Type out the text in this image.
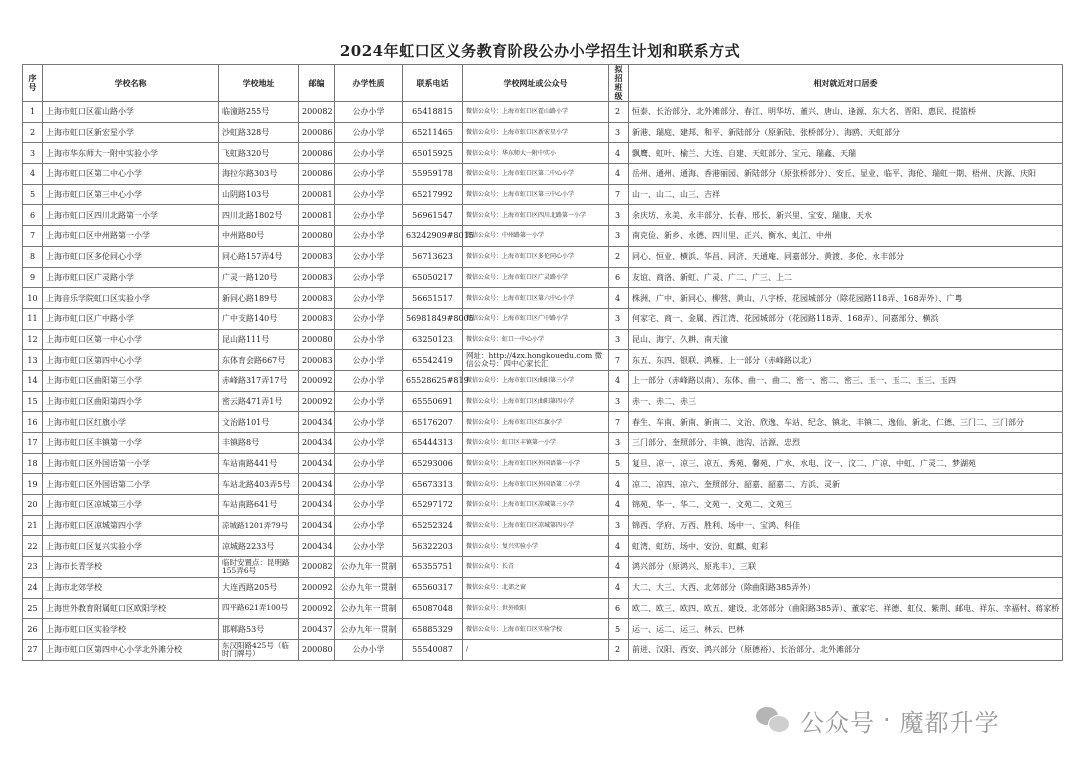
2024年虹口区义务教育阶段公办小学招生计划和联系方式
序号	学校名称	学校地址	邮编	办学性质	联系电话	学校网址或公众号	拟招班级	相对就近对口居委
1	上海市虹口区霍山路小学	临潼路255号	200082	公办小学	65418815	微信公众号：上海市虹口区霍山路小学	2	恒泰、长治部分、北外滩部分、春江、明华坊、董兴、唐山、逢源、东大名、晋阳、惠民、提篮桥
2	上海市虹口区新宏星小学	沙虹路328号	200086	公办小学	65211465	微信公众号：上海市虹口区新宏星小学	3	新港、瑞庭、建邦、和平、新陆部分（原新陆、张桥部分）、海鸥、天虹部分
3	上海市华东师大一附中实验小学	飞虹路320号	200086	公办小学	65015925	微信公众号：华东师大一附中实小	4	飘鹰、虹叶、榆兰、大连、自建、天虹部分、宝元、瑞鑫、天瑞
4	上海市虹口区第二中心小学	海拉尔路303号	200086	公办小学	55959178	微信公众号：上海市虹口区第二中心小学	4	岳州、通州、通海、香港丽园、新陆部分（原张桥部分）、安丘、显业、临平、海伦、瑞虹一期、梧州、庆源、庆阳
5	上海市虹口区第三中心小学	山阴路103号	200081	公办小学	65217992	微信公众号：上海市虹口区第三中心小学	7	山一、山二、山三、吉祥
6	上海市虹口区四川北路第一小学	四川北路1802号	200081	公办小学	56961547	微信公众号：上海市虹口区四川北路第一小学	3	余庆坊、永美、永丰部分、长春、邢长、新兴里、宝安、瑞康、天水
7	上海市虹口区中州路第一小学	中州路80号	200080	公办小学	63242909#8015	微信公众号：中州路第一小学	3	南克俭、新乡、永德、四川里、正兴、衡水、虬江、中州
8	上海市虹口区多伦同心小学	同心路157弄4号	200083	公办小学	56713623	微信公众号：上海市虹口区多伦同心小学	2	同心、恒业、横浜、华昌、同济、天通庵、同嘉部分、黄渡、多伦、永丰部分
9	上海市虹口区广灵路小学	广灵一路120号	200083	公办小学	65050217	微信公众号：上海市虹口区广灵路小学	6	友谊、商洛、新虹、广灵、广二、广三、上二
10	上海音乐学院虹口区实验小学	新同心路189号	200083	公办小学	56651517	微信公众号：上海市虹口区第六中心小学	4	株洲、广中、新同心、柳营、黄山、八字桥、花园城部分（除花园路118弄、168弄外）、广粤
11	上海市虹口区广中路小学	广中支路140号	200083	公办小学	56981849#8005	微信公众号：上海市虹口区广中路小学	3	何家宅、商一、金属、西江湾、花园城部分（花园路118弄、168弄）、同嘉部分、横浜
12	上海市虹口区第一中心小学	昆山路111号	200080	公办小学	63250123	微信公众号：虹口一中心小学	3	昆山、海宁、久耕、南天潼
13	上海市虹口区第四中心小学	东体育会路667号	200083	公办小学	65542419	网址：http://4zx.hongkouedu.com 微信公众号：四中心家长汇	7	东五、东四、银联、鸿雁、上一部分（赤峰路以北）
14	上海市虹口区曲阳第三小学	赤峰路317弄17号	200092	公办小学	65528625#819	微信公众号：上海市虹口区曲阳第三小学	4	上一部分（赤峰路以南）、东体、曲一、曲二、密一、密二、密三、玉一、玉二、玉三、玉四
15	上海市虹口区曲阳第四小学	密云路471弄1号	200092	公办小学	65550691	微信公众号：上海市虹口区曲阳第四小学	3	赤一、赤二、赤三
16	上海市虹口区红旗小学	文治路101号	200434	公办小学	65176207	微信公众号：上海市虹口区红旗小学	7	春生、车南、新南、新南二、文治、欣逸、车站、纪念、镇北、丰镇二、逸仙、新北、仁德、三门二、三门部分
17	上海市虹口区丰镇第一小学	丰镇路8号	200434	公办小学	65444313	微信公众号：虹口区丰镇第一小学	3	三门部分、奎照部分、丰镇、池沟、沽源、忠烈
18	上海市虹口区外国语第一小学	车站南路441号	200434	公办小学	65293006	微信公众号：上海市虹口区外国语第一小学	5	复旦、凉一、凉三、凉五、秀苑、馨苑、广水、水电、汶一、汶二、广凉、中虹、广灵二、梦湖苑
19	上海市虹口区外国语第二小学	车站北路403弄5号	200434	公办小学	65673313	微信公众号：上海市虹口区外国语第二小学	4	凉二、凉四、凉六、奎照部分、韶嘉、韶嘉二、方浜、灵新
20	上海市虹口区凉城第三小学	车站南路641号	200434	公办小学	65297172	微信公众号：上海市虹口区凉城第三小学	4	锦苑、华一、华二、文苑一、文苑二、文苑三
21	上海市虹口区凉城第四小学	凉城路1201弄79号	200434	公办小学	65252324	微信公众号：上海市虹口区凉城第四小学	3	锦西、学府、万西、胜利、场中一、宝鸿、科佳
22	上海市虹口区复兴实验小学	凉城路2233号	200434	公办小学	56322203	微信公众号：复兴实验小学	4	虹湾、虹纺、场中、安汾、虹麒、虹彩
23	上海市长青学校	临时安置点：昆明路155弄6号	200082	公办九年一贯制	65355751	微信公众号：长青	4	鸿兴部分（原鸿兴、原兆丰）、三联
24	上海市北郊学校	大连西路205号	200092	公办九年一贯制	65560317	微信公众号：北郊之窗	4	大二、大三、大西、北郊部分（除曲阳路385弄外）
25	上海世外教育附属虹口区欧阳学校	四平路621弄100号	200092	公办九年一贯制	65087048	微信公众号：世外欧阳	6	欧二、欧三、欧四、欧五、建设、北郊部分（曲阳路385弄）、董家宅、祥德、虹仪、紫荆、邮电、祥东、幸福村、蒋家桥
26	上海市虹口区实验学校	邯郸路53号	200437	公办九年一贯制	65885329	微信公众号：上海市虹口区实验学校	5	运一、运二、运三、林云、巴林
27	上海市虹口区第四中心小学北外滩分校	东汉阳路425号（临时门牌号）	200080	公办小学	55540087	/	2	前进、汉阳、西安、鸿兴部分（原德裕）、长治部分、北外滩部分
公众号 · 魔都升学
